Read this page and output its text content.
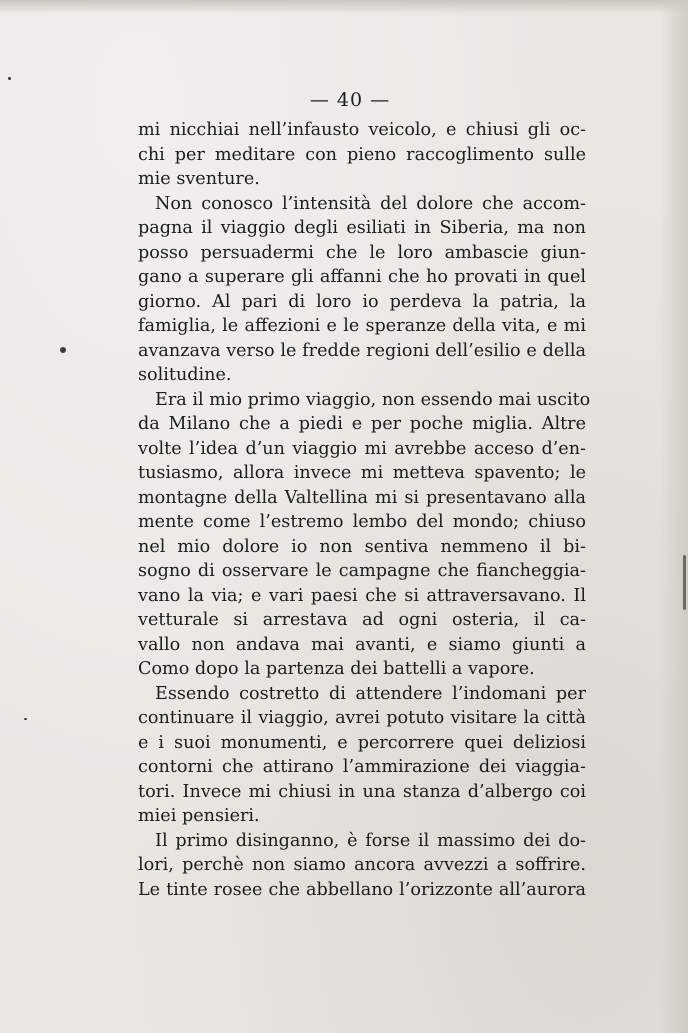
— 40 —
mi nicchiai nell’infausto veicolo, e chiusi gli oc-
chi per meditare con pieno raccoglimento sulle
mie sventure.
Non conosco l’intensità del dolore che accom-
pagna il viaggio degli esiliati in Siberia, ma non
posso persuadermi che le loro ambascie giun-
gano a superare gli affanni che ho provati in quel
giorno. Al pari di loro io perdeva la patria, la
famiglia, le affezioni e le speranze della vita, e mi
avanzava verso le fredde regioni dell’esilio e della
solitudine.
Era il mio primo viaggio, non essendo mai uscito
da Milano che a piedi e per poche miglia. Altre
volte l’idea d’un viaggio mi avrebbe acceso d’en-
tusiasmo, allora invece mi metteva spavento; le
montagne della Valtellina mi si presentavano alla
mente come l’estremo lembo del mondo; chiuso
nel mio dolore io non sentiva nemmeno il bi-
sogno di osservare le campagne che fiancheggia-
vano la via; e vari paesi che si attraversavano. Il
vetturale si arrestava ad ogni osteria, il ca-
vallo non andava mai avanti, e siamo giunti a
Como dopo la partenza dei battelli a vapore.
Essendo costretto di attendere l’indomani per
continuare il viaggio, avrei potuto visitare la città
e i suoi monumenti, e percorrere quei deliziosi
contorni che attirano l’ammirazione dei viaggia-
tori. Invece mi chiusi in una stanza d’albergo coi
miei pensieri.
Il primo disinganno, è forse il massimo dei do-
lori, perchè non siamo ancora avvezzi a soffrire.
Le tinte rosee che abbellano l’orizzonte all’aurora
